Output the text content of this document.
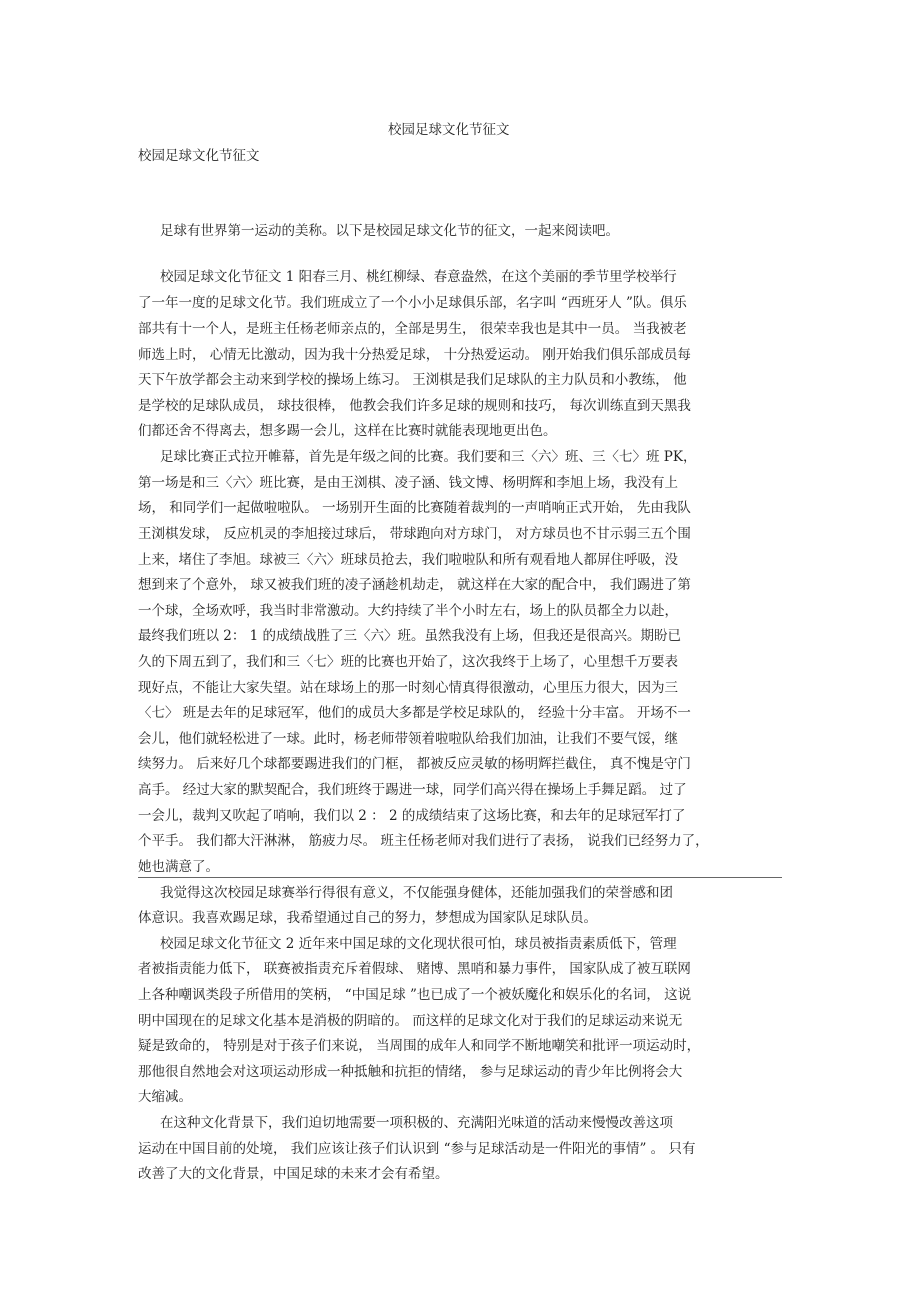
校园足球文化节征文
校园足球文化节征文
足球有世界第一运动的美称。以下是校园足球文化节的征文，一起来阅读吧。
校园足球文化节征文 1 阳春三月、桃红柳绿、春意盎然，在这个美丽的季节里学校举行
了一年一度的足球文化节。我们班成立了一个小小足球俱乐部，名字叫 “西班牙人 ”队。俱乐
部共有十一个人，是班主任杨老师亲点的，全部是男生， 很荣幸我也是其中一员。 当我被老
师选上时， 心情无比激动，因为我十分热爱足球， 十分热爱运动。 刚开始我们俱乐部成员每
天下午放学都会主动来到学校的操场上练习。 王浏棋是我们足球队的主力队员和小教练， 他
是学校的足球队成员， 球技很棒， 他教会我们许多足球的规则和技巧， 每次训练直到天黑我
们都还舍不得离去，想多踢一会儿，这样在比赛时就能表现地更出色。
足球比赛正式拉开帷幕，首先是年级之间的比赛。我们要和三〈六〉班、三〈七〉班 PK，
第一场是和三〈六〉班比赛，是由王浏棋、凌子涵、钱文博、杨明辉和李旭上场，我没有上
场， 和同学们一起做啦啦队。 一场别开生面的比赛随着裁判的一声哨响正式开始， 先由我队
王浏棋发球， 反应机灵的李旭接过球后， 带球跑向对方球门， 对方球员也不甘示弱三五个围
上来，堵住了李旭。球被三〈六〉班球员抢去，我们啦啦队和所有观看地人都屏住呼吸，没
想到来了个意外， 球又被我们班的凌子涵趁机劫走， 就这样在大家的配合中， 我们踢进了第
一个球，全场欢呼，我当时非常激动。大约持续了半个小时左右，场上的队员都全力以赴，
最终我们班以 2： 1 的成绩战胜了三〈六〉班。虽然我没有上场，但我还是很高兴。期盼已
久的下周五到了，我们和三〈七〉班的比赛也开始了，这次我终于上场了，心里想千万要表
现好点，不能让大家失望。站在球场上的那一时刻心情真得很激动，心里压力很大，因为三
〈七〉 班是去年的足球冠军，他们的成员大多都是学校足球队的， 经验十分丰富。 开场不一
会儿，他们就轻松进了一球。此时，杨老师带领着啦啦队给我们加油，让我们不要气馁，继
续努力。 后来好几个球都要踢进我们的门框， 都被反应灵敏的杨明辉拦截住， 真不愧是守门
高手。 经过大家的默契配合，我们班终于踢进一球，同学们高兴得在操场上手舞足蹈。 过了
一会儿，裁判又吹起了哨响，我们以 2 ： 2 的成绩结束了这场比赛，和去年的足球冠军打了
个平手。 我们都大汗淋淋， 筋疲力尽。 班主任杨老师对我们进行了表扬， 说我们已经努力了，
她也满意了。
我觉得这次校园足球赛举行得很有意义，不仅能强身健体，还能加强我们的荣誉感和团
体意识。我喜欢踢足球，我希望通过自己的努力，梦想成为国家队足球队员。
校园足球文化节征文 2 近年来中国足球的文化现状很可怕，球员被指责素质低下，管理
者被指责能力低下， 联赛被指责充斥着假球、 赌博、黑哨和暴力事件， 国家队成了被互联网
上各种嘲讽类段子所借用的笑柄， “中国足球 ”也已成了一个被妖魔化和娱乐化的名词， 这说
明中国现在的足球文化基本是消极的阴暗的。 而这样的足球文化对于我们的足球运动来说无
疑是致命的， 特别是对于孩子们来说， 当周围的成年人和同学不断地嘲笑和批评一项运动时，
那他很自然地会对这项运动形成一种抵触和抗拒的情绪， 参与足球运动的青少年比例将会大
大缩减。
在这种文化背景下，我们迫切地需要一项积极的、充满阳光味道的活动来慢慢改善这项
运动在中国目前的处境， 我们应该让孩子们认识到 “参与足球活动是一件阳光的事情” 。 只有
改善了大的文化背景，中国足球的未来才会有希望。
